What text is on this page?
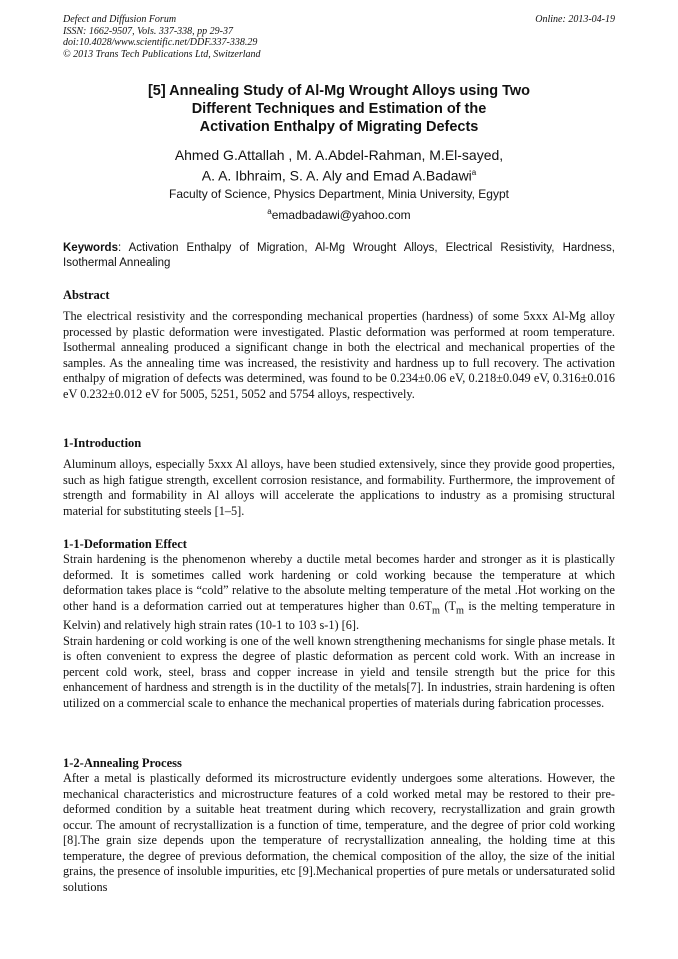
Defect and Diffusion Forum
ISSN: 1662-9507, Vols. 337-338, pp 29-37
doi:10.4028/www.scientific.net/DDF.337-338.29
© 2013 Trans Tech Publications Ltd, Switzerland
Online: 2013-04-19
[5] Annealing Study of Al-Mg Wrought Alloys using Two
Different Techniques and Estimation of the
Activation Enthalpy of Migrating Defects
Ahmed G.Attallah , M. A.Abdel-Rahman, M.El-sayed,
A. A. Ibhraim, S. A. Aly and Emad A.Badawi$^a$
Faculty of Science, Physics Department, Minia University, Egypt
$^a$emadbadawi@yahoo.com
Keywords: Activation Enthalpy of Migration, Al-Mg Wrought Alloys, Electrical Resistivity, Hardness, Isothermal Annealing
Abstract
The electrical resistivity and the corresponding mechanical properties (hardness) of some 5xxx Al-Mg alloy processed by plastic deformation were investigated. Plastic deformation was performed at room temperature. Isothermal annealing produced a significant change in both the electrical and mechanical properties of the samples. As the annealing time was increased, the resistivity and hardness up to full recovery. The activation enthalpy of migration of defects was determined, was found to be 0.234±0.06 eV, 0.218±0.049 eV, 0.316±0.016 eV 0.232±0.012 eV for 5005, 5251, 5052 and 5754 alloys, respectively.
1-Introduction
Aluminum alloys, especially 5xxx Al alloys, have been studied extensively, since they provide good properties, such as high fatigue strength, excellent corrosion resistance, and formability. Furthermore, the improvement of strength and formability in Al alloys will accelerate the applications to industry as a promising structural material for substituting steels [1–5].
1-1-Deformation Effect

Strain hardening is the phenomenon whereby a ductile metal becomes harder and stronger as it is plastically deformed. It is sometimes called work hardening or cold working because the temperature at which deformation takes place is “cold” relative to the absolute melting temperature of the metal .Hot working on the other hand is a deformation carried out at temperatures higher than $0.6T_m$ ($T_m$ is the melting temperature in Kelvin) and relatively high strain rates (10-1 to 103 s-1) [6].

Strain hardening or cold working is one of the well known strengthening mechanisms for single phase metals. It is often convenient to express the degree of plastic deformation as percent cold work. With an increase in percent cold work, steel, brass and copper increase in yield and tensile strength but the price for this enhancement of hardness and strength is in the ductility of the metals[7]. In industries, strain hardening is often utilized on a commercial scale to enhance the mechanical properties of materials during fabrication processes.

1-2-Annealing Process
After a metal is plastically deformed its microstructure evidently undergoes some alterations. However, the mechanical characteristics and microstructure features of a cold worked metal may be restored to their pre-deformed condition by a suitable heat treatment during which recovery, recrystallization and grain growth occur. The amount of recrystallization is a function of time, temperature, and the degree of prior cold working [8].The grain size depends upon the temperature of recrystallization annealing, the holding time at this temperature, the degree of previous deformation, the chemical composition of the alloy, the size of the initial grains, the presence of insoluble impurities, etc [9].Mechanical properties of pure metals or undersaturated solid solutions
